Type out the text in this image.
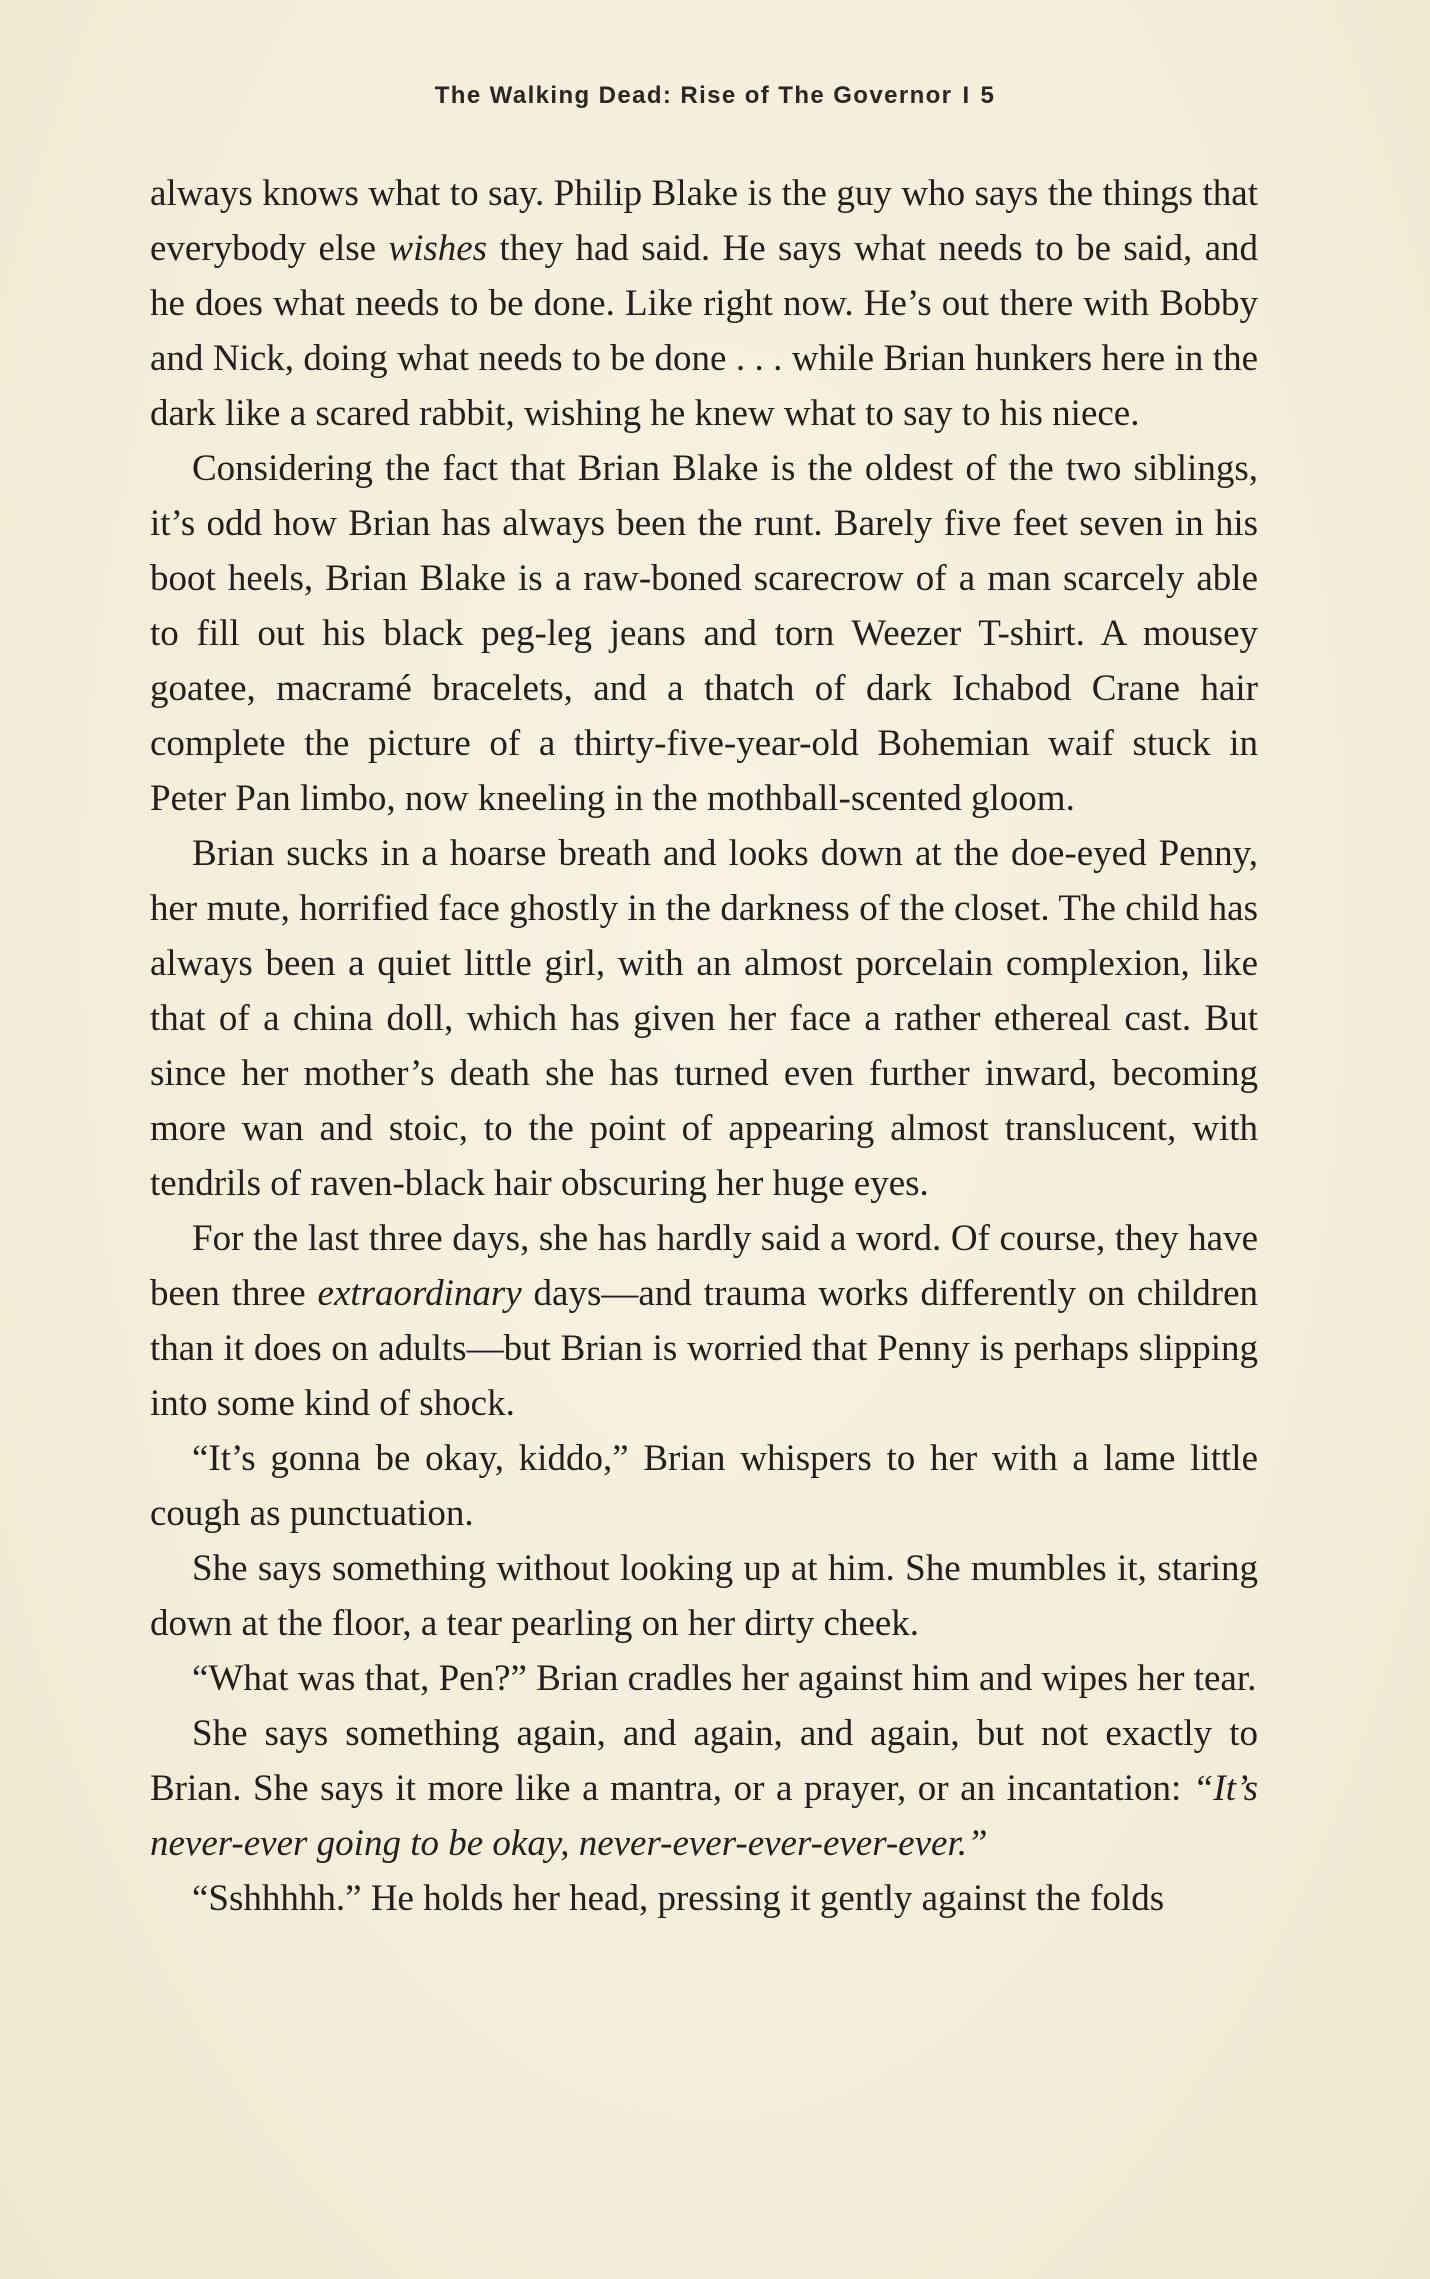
The Walking Dead: Rise of The Governor I 5

always knows what to say. Philip Blake is the guy who says the things that everybody else wishes they had said. He says what needs to be said, and he does what needs to be done. Like right now. He’s out there with Bobby and Nick, doing what needs to be done . . . while Brian hunkers here in the dark like a scared rabbit, wishing he knew what to say to his niece.

Considering the fact that Brian Blake is the oldest of the two siblings, it’s odd how Brian has always been the runt. Barely five feet seven in his boot heels, Brian Blake is a raw-boned scarecrow of a man scarcely able to fill out his black peg-leg jeans and torn Weezer T-shirt. A mousey goatee, macramé bracelets, and a thatch of dark Ichabod Crane hair complete the picture of a thirty-five-year-old Bohemian waif stuck in Peter Pan limbo, now kneeling in the mothball-scented gloom.

Brian sucks in a hoarse breath and looks down at the doe-eyed Penny, her mute, horrified face ghostly in the darkness of the closet. The child has always been a quiet little girl, with an almost porcelain complexion, like that of a china doll, which has given her face a rather ethereal cast. But since her mother’s death she has turned even further inward, becoming more wan and stoic, to the point of appearing almost translucent, with tendrils of raven-black hair obscuring her huge eyes.

For the last three days, she has hardly said a word. Of course, they have been three extraordinary days—and trauma works differently on children than it does on adults—but Brian is worried that Penny is perhaps slipping into some kind of shock.

“It’s gonna be okay, kiddo,” Brian whispers to her with a lame little cough as punctuation.

She says something without looking up at him. She mumbles it, staring down at the floor, a tear pearling on her dirty cheek.

“What was that, Pen?” Brian cradles her against him and wipes her tear.

She says something again, and again, and again, but not exactly to Brian. She says it more like a mantra, or a prayer, or an incantation: “It’s never-ever going to be okay, never-ever-ever-ever-ever.”

“Sshhhhh.” He holds her head, pressing it gently against the folds
